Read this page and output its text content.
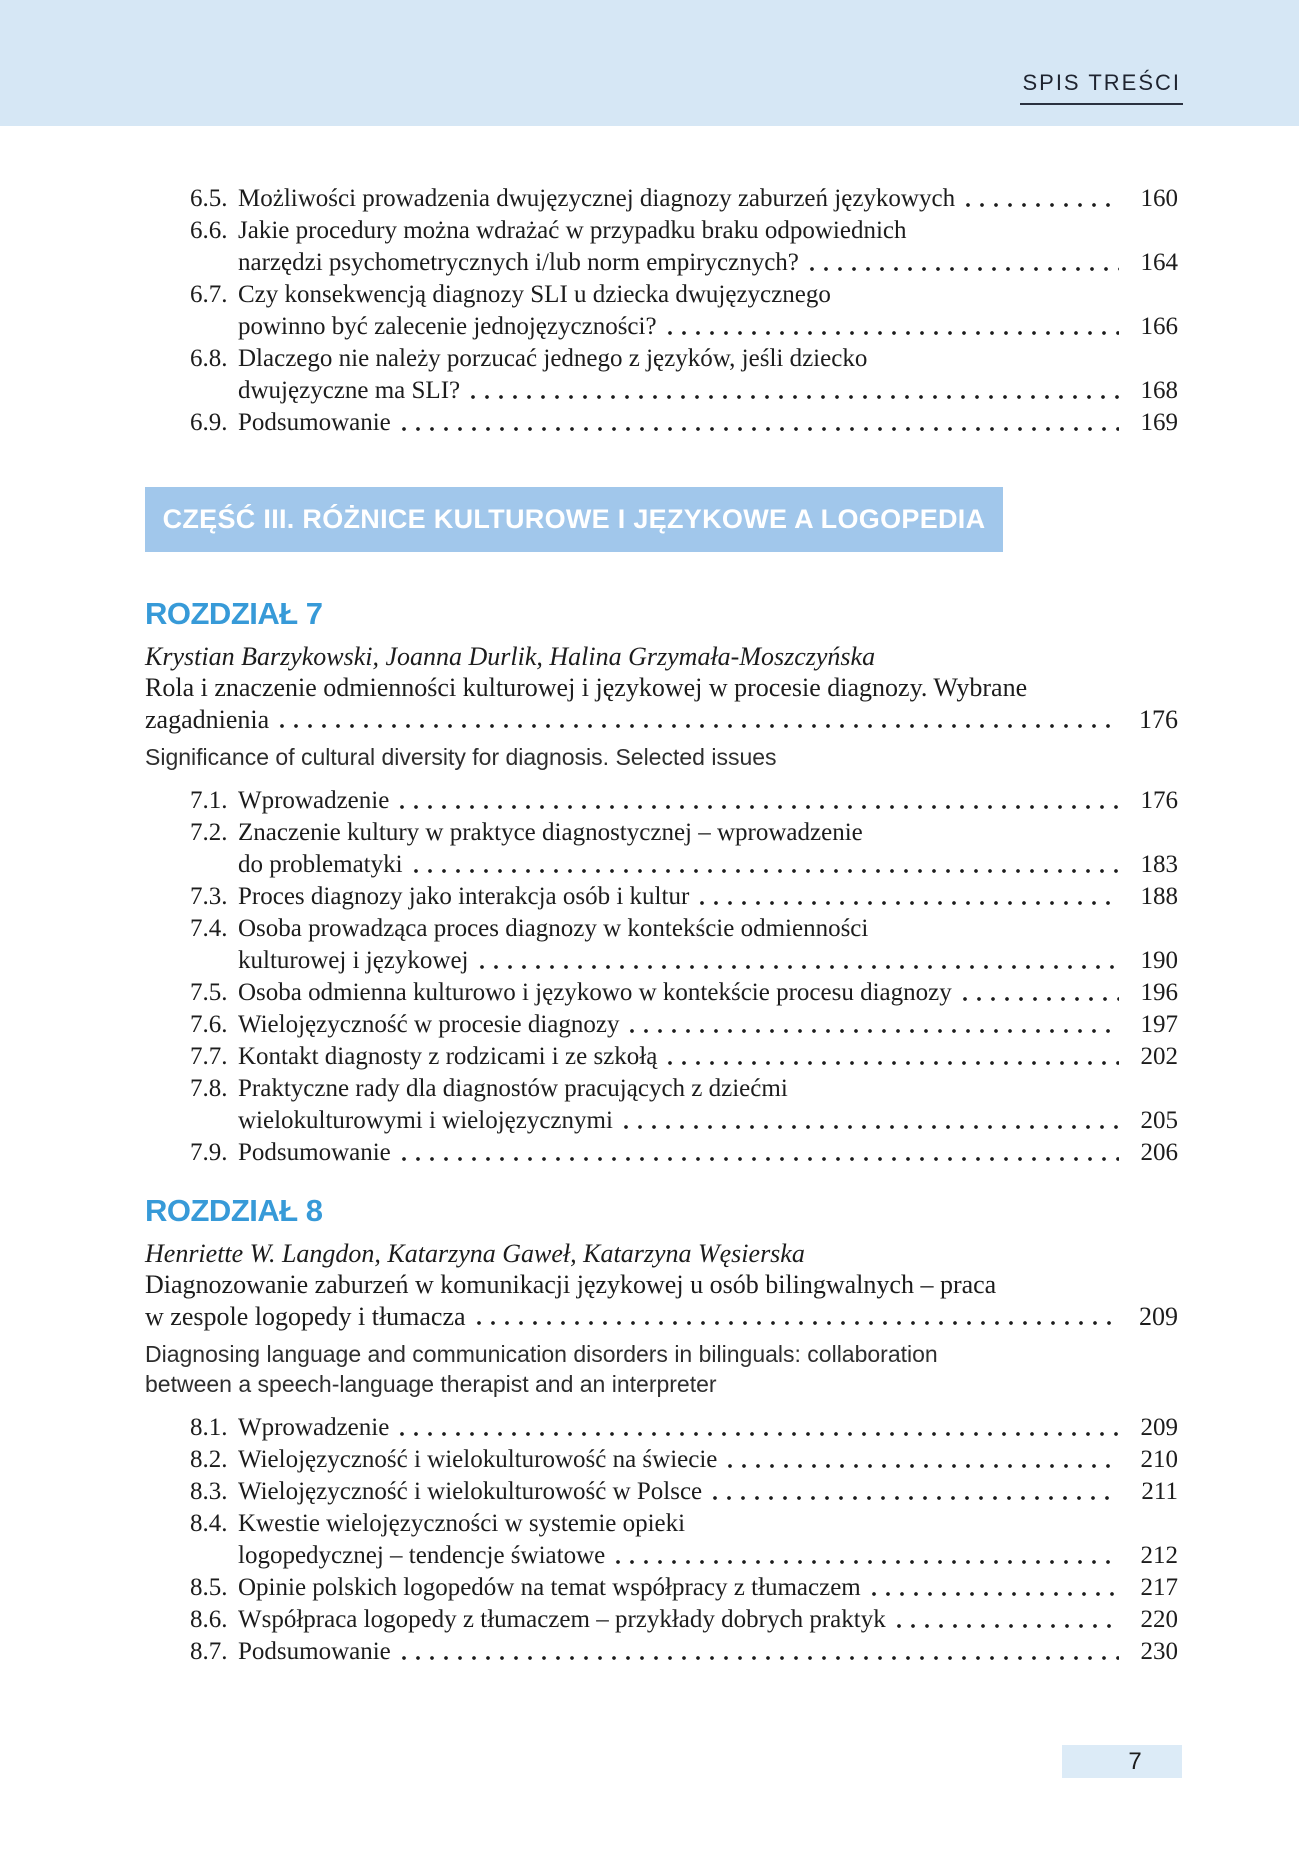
SPIS TREŚCI
6.5. Możliwości prowadzenia dwujęzycznej diagnozy zaburzeń językowych	160
6.6. Jakie procedury można wdrażać w przypadku braku odpowiednich
narzędzi psychometrycznych i/lub norm empirycznych?	164
6.7. Czy konsekwencją diagnozy SLI u dziecka dwujęzycznego
powinno być zalecenie jednojęzyczności?	166
6.8. Dlaczego nie należy porzucać jednego z języków, jeśli dziecko
dwujęzyczne ma SLI?	168
6.9. Podsumowanie	169
CZĘŚĆ III. RÓŻNICE KULTUROWE I JĘZYKOWE A LOGOPEDIA
ROZDZIAŁ 7

Krystian Barzykowski, Joanna Durlik, Halina Grzymała-Moszczyńska

Rola i znaczenie odmienności kulturowej i językowej w procesie diagnozy. Wybrane
zagadnienia	176

Significance of cultural diversity for diagnosis. Selected issues

7.1. Wprowadzenie	176
7.2. Znaczenie kultury w praktyce diagnostycznej – wprowadzenie
do problematyki	183
7.3. Proces diagnozy jako interakcja osób i kultur	188
7.4. Osoba prowadząca proces diagnozy w kontekście odmienności
kulturowej i językowej	190
7.5. Osoba odmienna kulturowo i językowo w kontekście procesu diagnozy	196
7.6. Wielojęzyczność w procesie diagnozy	197
7.7. Kontakt diagnosty z rodzicami i ze szkołą	202
7.8. Praktyczne rady dla diagnostów pracujących z dziećmi
wielokulturowymi i wielojęzycznymi	205
7.9. Podsumowanie	206
ROZDZIAŁ 8

Henriette W. Langdon, Katarzyna Gaweł, Katarzyna Węsierska

Diagnozowanie zaburzeń w komunikacji językowej u osób bilingwalnych – praca
w zespole logopedy i tłumacza	209

Diagnosing language and communication disorders in bilinguals: collaboration
between a speech-language therapist and an interpreter

8.1. Wprowadzenie	209
8.2. Wielojęzyczność i wielokulturowość na świecie	210
8.3. Wielojęzyczność i wielokulturowość w Polsce	211
8.4. Kwestie wielojęzyczności w systemie opieki
logopedycznej – tendencje światowe	212
8.5. Opinie polskich logopedów na temat współpracy z tłumaczem	217
8.6. Współpraca logopedy z tłumaczem – przykłady dobrych praktyk	220
8.7. Podsumowanie	230
7
